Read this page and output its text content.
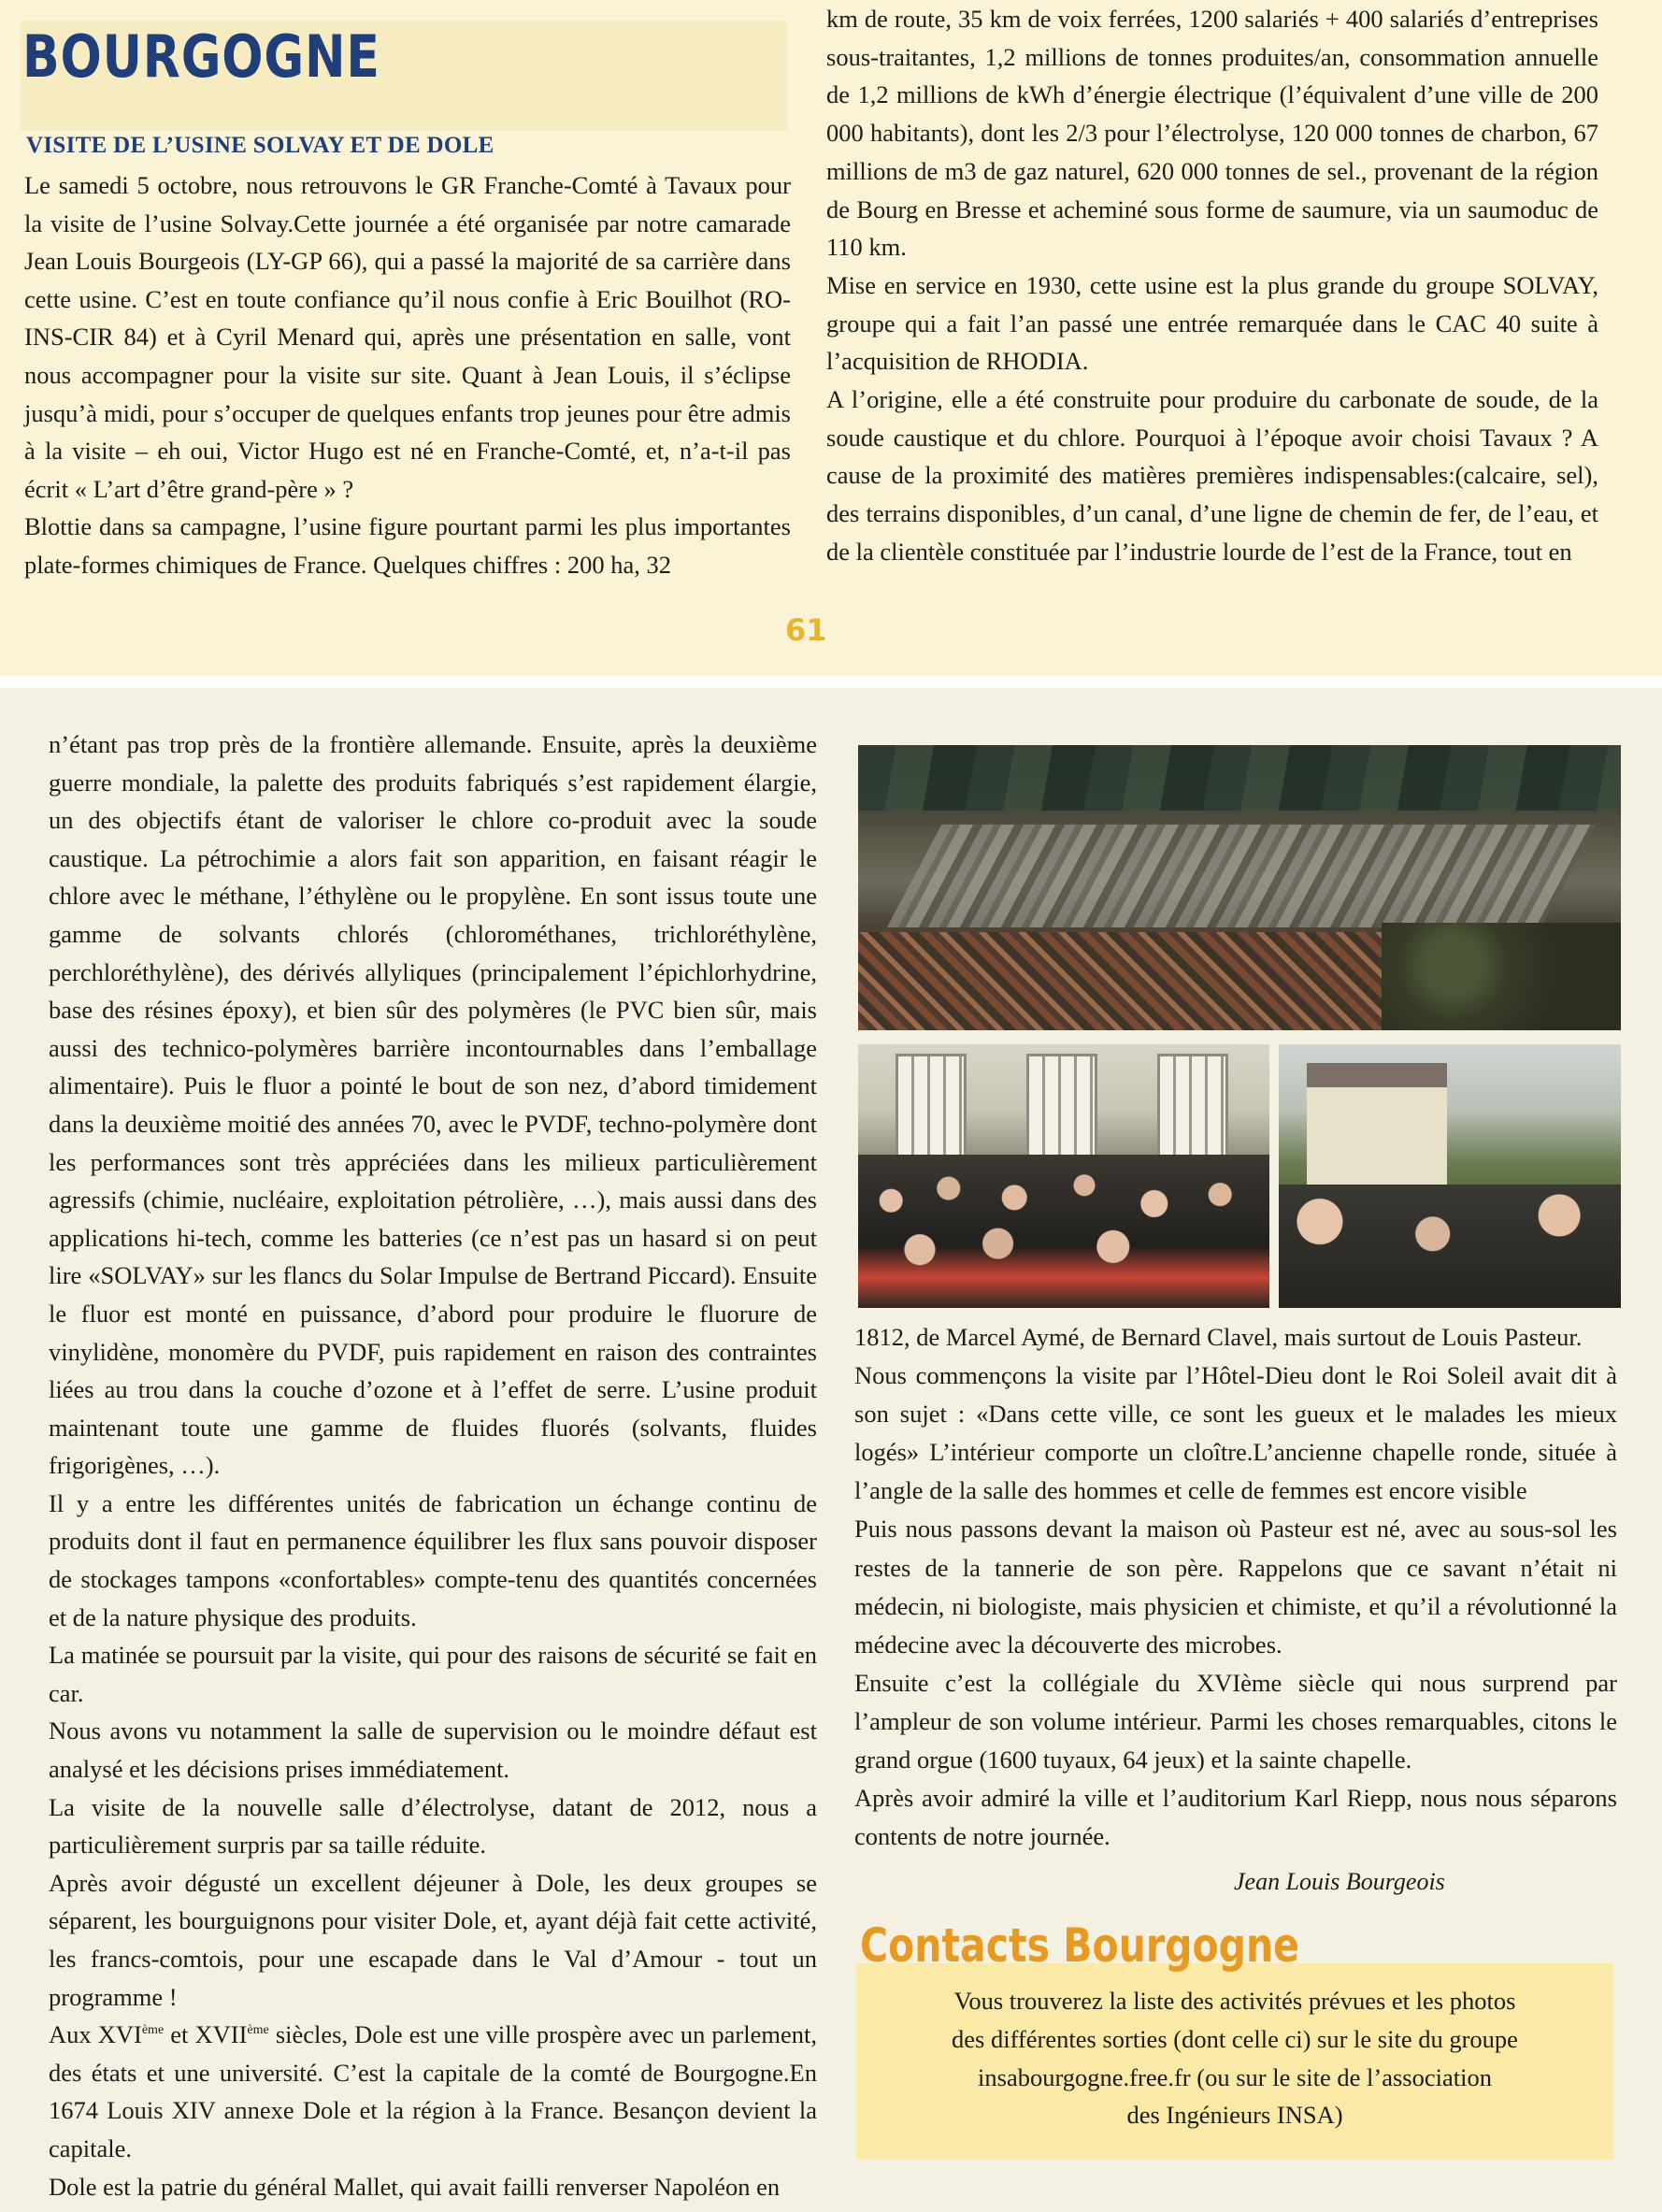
BOURGOGNE
VISITE DE L’USINE SOLVAY ET DE DOLE

Le samedi 5 octobre, nous retrouvons le GR Franche-Comté à Tavaux pour la visite de l’usine Solvay.Cette journée a été organisée par notre camarade Jean Louis Bourgeois (LY-GP 66), qui a passé la majorité de sa carrière dans cette usine. C’est en toute confiance qu’il nous confie à Eric Bouilhot (RO-INS-CIR 84) et à Cyril Menard qui, après une présentation en salle, vont nous accompagner pour la visite sur site. Quant à Jean Louis, il s’éclipse jusqu’à midi, pour s’occuper de quelques enfants trop jeunes pour être admis à la visite – eh oui, Victor Hugo est né en Franche-Comté, et, n’a-t-il pas écrit « L’art d’être grand-père » ?

Blottie dans sa campagne, l’usine figure pourtant parmi les plus importantes plate-formes chimiques de France. Quelques chiffres : 200 ha, 32

km de route, 35 km de voix ferrées, 1200 salariés + 400 salariés d’entreprises sous-traitantes, 1,2 millions de tonnes produites/an, consommation annuelle de 1,2 millions de kWh d’énergie électrique (l’équivalent d’une ville de 200 000 habitants), dont les 2/3 pour l’électrolyse, 120 000 tonnes de charbon, 67 millions de m3 de gaz naturel, 620 000 tonnes de sel., provenant de la région de Bourg en Bresse et acheminé sous forme de saumure, via un saumoduc de 110 km.

Mise en service en 1930, cette usine est la plus grande du groupe SOLVAY, groupe qui a fait l’an passé une entrée remarquée dans le CAC 40 suite à l’acquisition de RHODIA.

A l’origine, elle a été construite pour produire du carbonate de soude, de la soude caustique et du chlore. Pourquoi à l’époque avoir choisi Tavaux ? A cause de la proximité des matières premières indispensables:(calcaire, sel), des terrains disponibles, d’un canal, d’une ligne de chemin de fer, de l’eau, et de la clientèle constituée par l’industrie lourde de l’est de la France, tout en

61

n’étant pas trop près de la frontière allemande. Ensuite, après la deuxième guerre mondiale, la palette des produits fabriqués s’est rapidement élargie, un des objectifs étant de valoriser le chlore co-produit avec la soude caustique. La pétrochimie a alors fait son apparition, en faisant réagir le chlore avec le méthane, l’éthylène ou le propylène. En sont issus toute une gamme de solvants chlorés (chlorométhanes, trichloréthylène, perchloréthylène), des dérivés allyliques (principalement l’épichlorhydrine, base des résines époxy), et bien sûr des polymères (le PVC bien sûr, mais aussi des technico-polymères barrière incontournables dans l’emballage alimentaire). Puis le fluor a pointé le bout de son nez, d’abord timidement dans la deuxième moitié des années 70, avec le PVDF, techno-polymère dont les performances sont très appréciées dans les milieux particulièrement agressifs (chimie, nucléaire, exploitation pétrolière, …), mais aussi dans des applications hi-tech, comme les batteries (ce n’est pas un hasard si on peut lire «SOLVAY» sur les flancs du Solar Impulse de Bertrand Piccard). Ensuite le fluor est monté en puissance, d’abord pour produire le fluorure de vinylidène, monomère du PVDF, puis rapidement en raison des contraintes liées au trou dans la couche d’ozone et à l’effet de serre. L’usine produit maintenant toute une gamme de fluides fluorés (solvants, fluides frigorigènes, …).

Il y a entre les différentes unités de fabrication un échange continu de produits dont il faut en permanence équilibrer les flux sans pouvoir disposer de stockages tampons «confortables» compte-tenu des quantités concernées et de la nature physique des produits.

La matinée se poursuit par la visite, qui pour des raisons de sécurité se fait en car.

Nous avons vu notamment la salle de supervision ou le moindre défaut est analysé et les décisions prises immédiatement.

La visite de la nouvelle salle d’électrolyse, datant de 2012, nous a particulièrement surpris par sa taille réduite.

Après avoir dégusté un excellent déjeuner à Dole, les deux groupes se séparent, les bourguignons pour visiter Dole, et, ayant déjà fait cette activité, les francs-comtois, pour une escapade dans le Val d’Amour - tout un programme !

Aux XVIème et XVIIème siècles, Dole est une ville prospère avec un parlement, des états et une université. C’est la capitale de la comté de Bourgogne.En 1674 Louis XIV annexe Dole et la région à la France. Besançon devient la capitale.

Dole est la patrie du général Mallet, qui avait failli renverser Napoléon en

1812, de Marcel Aymé, de Bernard Clavel, mais surtout de Louis Pasteur.

Nous commençons la visite par l’Hôtel-Dieu dont le Roi Soleil avait dit à son sujet : «Dans cette ville, ce sont les gueux et le malades les mieux logés» L’intérieur comporte un cloître.L’ancienne chapelle ronde, située à l’angle de la salle des hommes et celle de femmes est encore visible

Puis nous passons devant la maison où Pasteur est né, avec au sous-sol les restes de la tannerie de son père. Rappelons que ce savant n’était ni médecin, ni biologiste, mais physicien et chimiste, et qu’il a révolutionné la médecine avec la découverte des microbes.

Ensuite c’est la collégiale du XVIème siècle qui nous surprend par l’ampleur de son volume intérieur. Parmi les choses remarquables, citons le grand orgue (1600 tuyaux, 64 jeux) et la sainte chapelle.

Après avoir admiré la ville et l’auditorium Karl Riepp, nous nous séparons contents de notre journée.

Jean Louis Bourgeois
Contacts Bourgogne

Vous trouverez la liste des activités prévues et les photos

des différentes sorties (dont celle ci) sur le site du groupe

insabourgogne.free.fr (ou sur le site de l’association

des Ingénieurs INSA)
